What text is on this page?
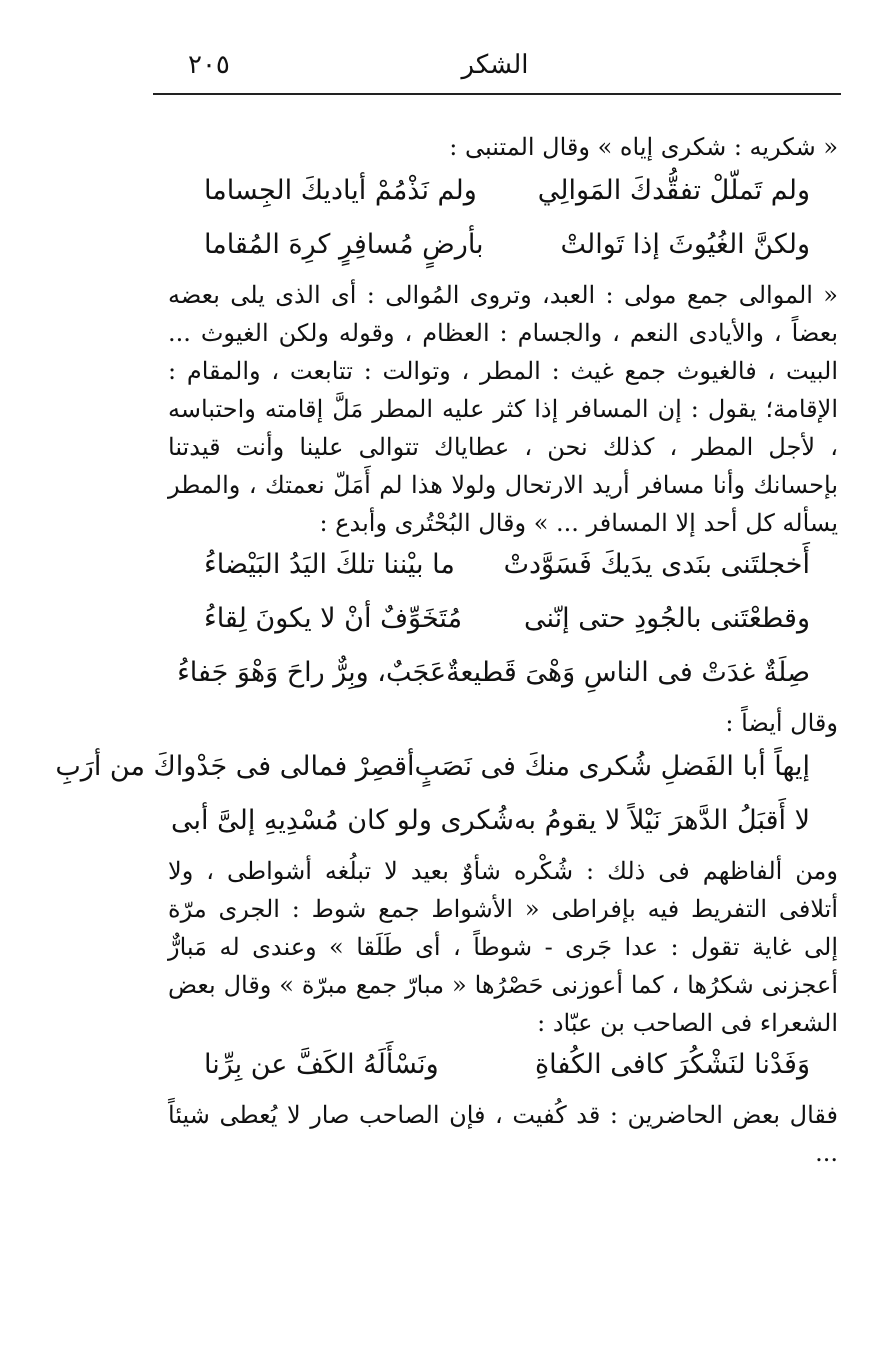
الشكر
٢٠٥

« شكريه : شكرى إياه » وقال المتنبى :

ولم تَملّلْ تفقُّدكَ المَوالِي
ولم نَذْمُمْ أياديكَ الجِساما
ولكنَّ الغُيُوثَ إذا تَوالتْ
بأرضٍ مُسافِرٍ كرِهَ المُقاما

« الموالى جمع مولى : العبد، وتروى المُوالى : أى الذى يلى بعضه بعضاً ، والأيادى النعم ، والجسام : العظام ، وقوله ولكن الغيوث ... البيت ، فالغيوث جمع غيث : المطر ، وتوالت : تتابعت ، والمقام : الإقامة؛ يقول : إن المسافر إذا كثر عليه المطر مَلَّ إقامته واحتباسه ، لأجل المطر ، كذلك نحن ، عطاياك تتوالى علينا وأنت قيدتنا بإحسانك وأنا مسافر أريد الارتحال ولولا هذا لم أَمَلّ نعمتك ، والمطر يسأله كل أحد إلا المسافر ... » وقال البُحْتُرى وأبدع :

أَخجلتَنى بنَدى يدَيكَ فَسَوَّدتْ
ما بيْننا تلكَ اليَدُ البَيْضاءُ
وقطعْتَنى بالجُودِ حتى إنّنى
مُتَخَوِّفٌ أنْ لا يكونَ لِقاءُ
صِلَةٌ غدَتْ فى الناسِ وَهْىَ قَطيعةٌ
عَجَبٌ، وبِرٌّ راحَ وَهْوَ جَفاءُ

وقال أيضاً :

إيهاً أبا الفَضلِ شُكرى منكَ فى نَصَبٍ
أقصِرْ فمالى فى جَدْواكَ من أرَبِ
لا أَقبَلُ الدَّهرَ نَيْلاً لا يقومُ به
شُكرى ولو كان مُسْدِيهِ إلىَّ أبى

ومن ألفاظهم فى ذلك : شُكْره شأوٌ بعيد لا تبلُغه أشواطى ، ولا أتلافى التفريط فيه بإفراطى « الأشواط جمع شوط : الجرى مرّة إلى غاية تقول : عدا جَرى - شوطاً ، أى طَلَقا » وعندى له مَبارٌّ أعجزنى شكرُها ، كما أعوزنى حَصْرُها « مبارّ جمع مبرّة » وقال بعض الشعراء فى الصاحب بن عبّاد :

وَفَدْنا لنَشْكُرَ كافى الكُفاةِ
ونَسْأَلَهُ الكَفَّ عن بِرِّنا

فقال بعض الحاضرين : قد كُفيت ، فإن الصاحب صار لا يُعطى شيئاً ...
